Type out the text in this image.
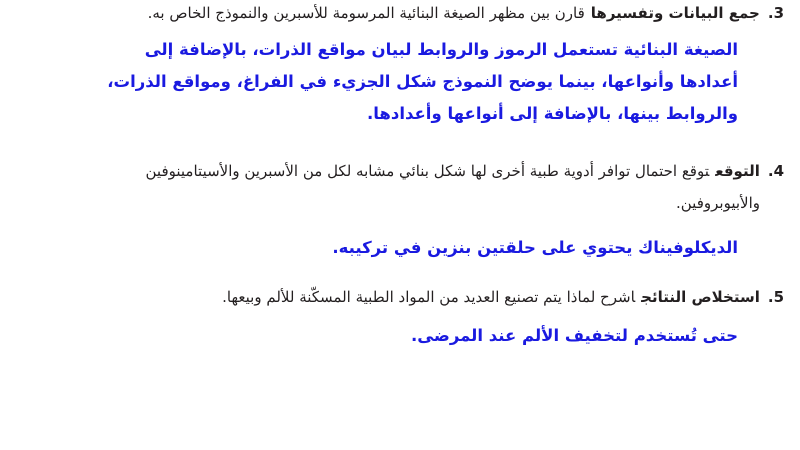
3.جمع البيانات وتفسيرهاقارن بين مظهر الصيغة البنائية المرسومة للأسبرين والنموذج الخاص به.
الصيغة البنائية تستعمل الرموز والروابط لبيان مواقع الذرات، بالإضافة إلى
أعدادها وأنواعها، بينما يوضح النموذج شكل الجزيء في الفراغ، ومواقع الذرات،
والروابط بينها، بالإضافة إلى أنواعها وأعدادها.
4.التوقعتوقع احتمال توافر أدوية طبية أخرى لها شكل بنائي مشابه لكل من الأسبرين والأسيتامينوفين
والأبيوبروفين.
الديكلوفيناك يحتوي على حلقتين بنزين في تركيبه.
5.استخلاص النتائجاشرح لماذا يتم تصنيع العديد من المواد الطبية المسكّنة للألم وبيعها.
حتى تُستخدم لتخفيف الألم عند المرضى.
